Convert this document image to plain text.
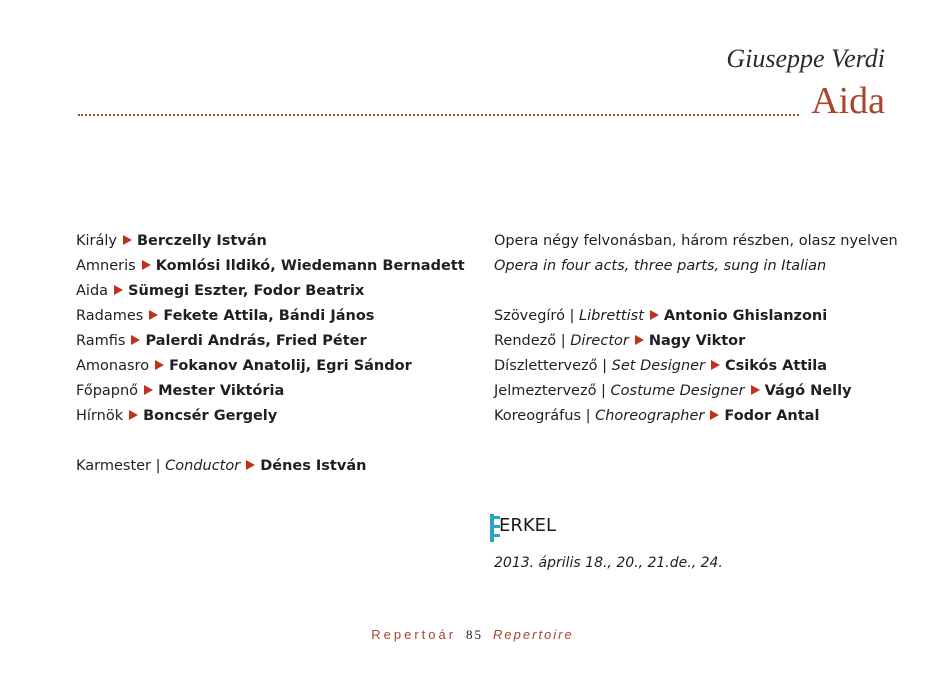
Giuseppe Verdi
Aida
Király Berczelly István
Amneris Komlósi Ildikó, Wiedemann Bernadett
Aida Sümegi Eszter, Fodor Beatrix
Radames Fekete Attila, Bándi János
Ramfis Palerdi András, Fried Péter
Amonasro Fokanov Anatolij, Egri Sándor
Főpapnő Mester Viktória
Hírnök Boncsér Gergely
Karmester | Conductor Dénes István
Opera négy felvonásban, három részben, olasz nyelven
Opera in four acts, three parts, sung in Italian
Szövegíró | Librettist Antonio Ghislanzoni
Rendező | Director Nagy Viktor
Díszlettervező | Set Designer Csikós Attila
Jelmeztervező | Costume Designer Vágó Nelly
Koreográfus | Choreographer Fodor Antal
ERKEL
2013. április 18., 20., 21.de., 24.
Repertoár 85 Repertoire
